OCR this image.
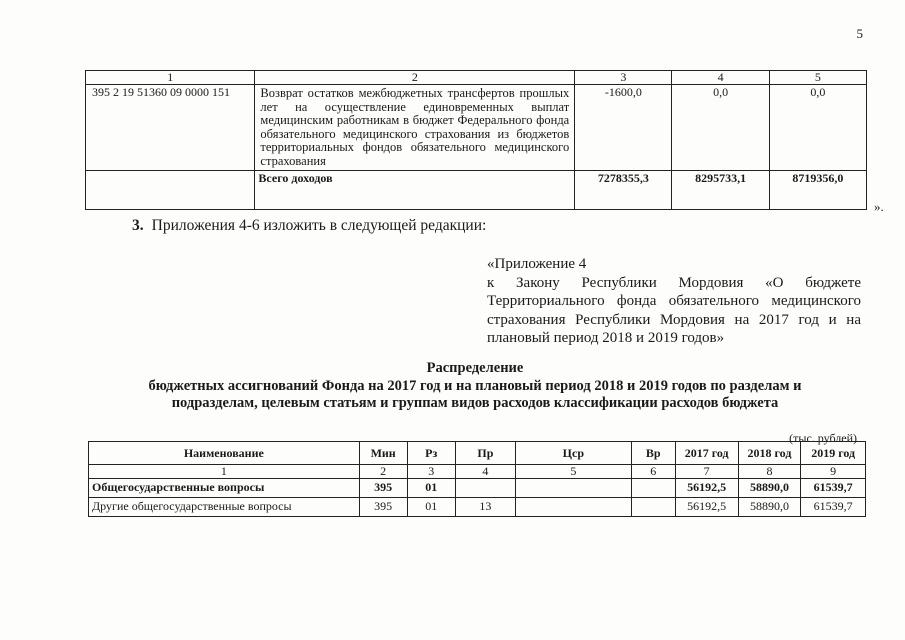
5
1	2	3	4	5
395 2 19 51360 09 0000 151	Возврат остатков межбюджетных трансфертов прошлых лет на осуществление единовременных выплат медицинским работникам в бюджет Федерального фонда обязательного медицинского страхования из бюджетов территориальных фондов обязательного медицинского страхования	-1600,0	0,0	0,0
	Всего доходов	7278355,3	8295733,1	8719356,0
».
3. Приложения 4-6 изложить в следующей редакции:
«Приложение 4
к Закону Республики Мордовия «О бюджете Территориального фонда обязательного медицинского страхования Республики Мордовия на 2017 год и на плановый период 2018 и 2019 годов»
Распределение
бюджетных ассигнований Фонда на 2017 год и на плановый период 2018 и 2019 годов по разделам и
подразделам, целевым статьям и группам видов расходов классификации расходов бюджета
(тыс. рублей)
Наименование	Мин	Рз	Пр	Цср	Вр	2017 год	2018 год	2019 год
1	2	3	4	5	6	7	8	9
Общегосударственные вопросы	395	01				56192,5	58890,0	61539,7
Другие общегосударственные вопросы	395	01	13			56192,5	58890,0	61539,7
